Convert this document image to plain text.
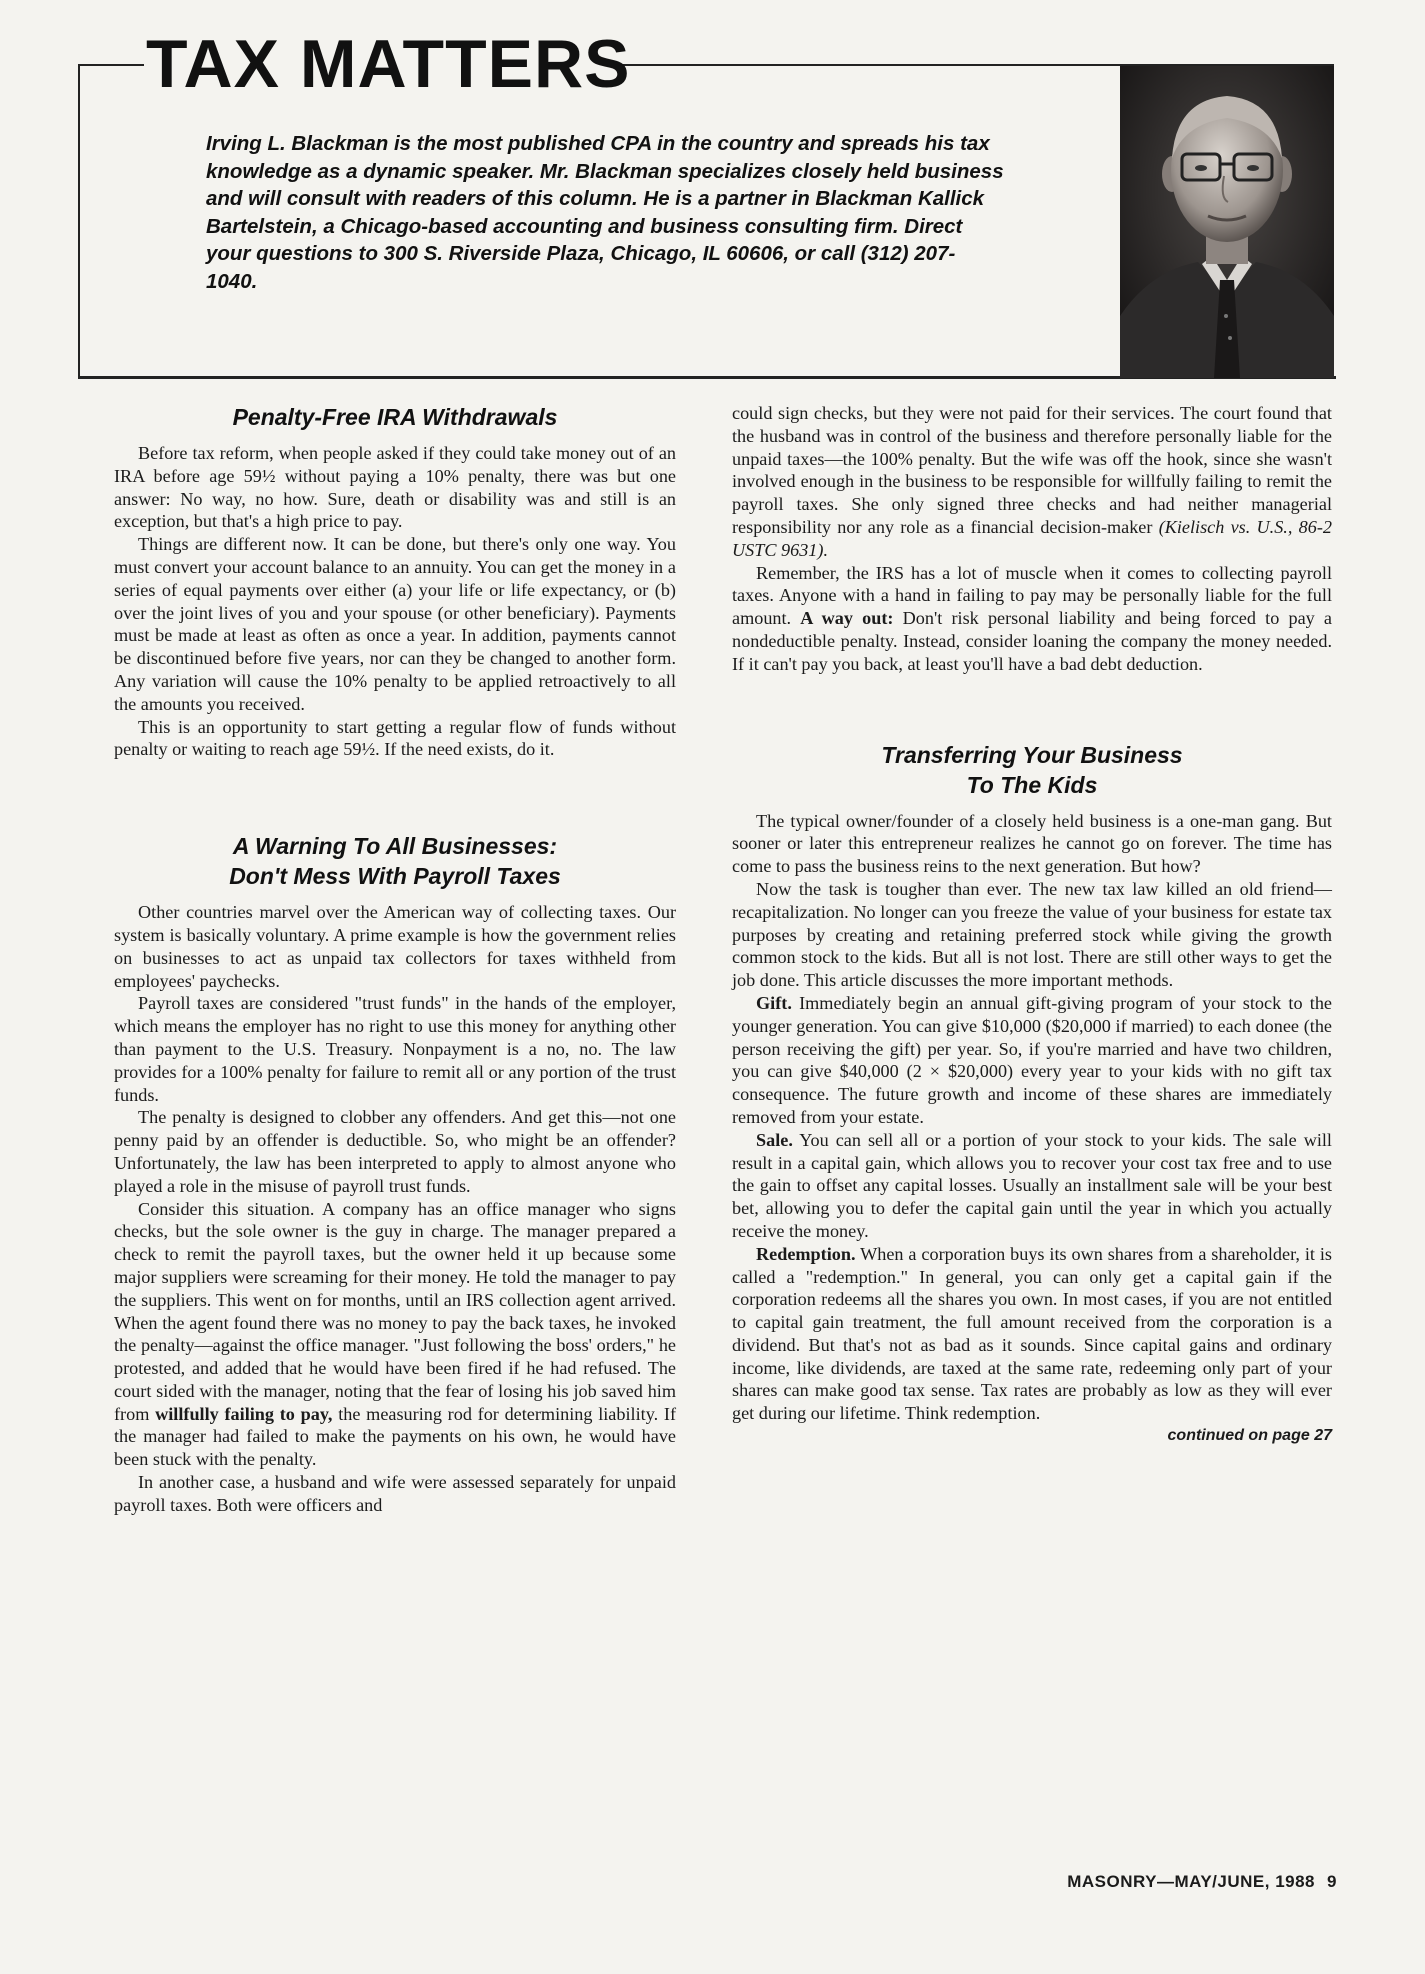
TAX MATTERS

Irving L. Blackman is the most published CPA in the country and spreads his tax knowledge as a dynamic speaker. Mr. Blackman specializes closely held business and will consult with readers of this column. He is a partner in Blackman Kallick Bartelstein, a Chicago-based accounting and business consulting firm. Direct your questions to 300 S. Riverside Plaza, Chicago, IL 60606, or call (312) 207-1040.

Penalty-Free IRA Withdrawals

Before tax reform, when people asked if they could take money out of an IRA before age 59½ without paying a 10% penalty, there was but one answer: No way, no how. Sure, death or disability was and still is an exception, but that's a high price to pay.

Things are different now. It can be done, but there's only one way. You must convert your account balance to an annuity. You can get the money in a series of equal payments over either (a) your life or life expectancy, or (b) over the joint lives of you and your spouse (or other beneficiary). Payments must be made at least as often as once a year. In addition, payments cannot be discontinued before five years, nor can they be changed to another form. Any variation will cause the 10% penalty to be applied retroactively to all the amounts you received.

This is an opportunity to start getting a regular flow of funds without penalty or waiting to reach age 59½. If the need exists, do it.

A Warning To All Businesses:
Don't Mess With Payroll Taxes

Other countries marvel over the American way of collecting taxes. Our system is basically voluntary. A prime example is how the government relies on businesses to act as unpaid tax collectors for taxes withheld from employees' paychecks.

Payroll taxes are considered "trust funds" in the hands of the employer, which means the employer has no right to use this money for anything other than payment to the U.S. Treasury. Nonpayment is a no, no. The law provides for a 100% penalty for failure to remit all or any portion of the trust funds.

The penalty is designed to clobber any offenders. And get this—not one penny paid by an offender is deductible. So, who might be an offender? Unfortunately, the law has been interpreted to apply to almost anyone who played a role in the misuse of payroll trust funds.

Consider this situation. A company has an office manager who signs checks, but the sole owner is the guy in charge. The manager prepared a check to remit the payroll taxes, but the owner held it up because some major suppliers were screaming for their money. He told the manager to pay the suppliers. This went on for months, until an IRS collection agent arrived. When the agent found there was no money to pay the back taxes, he invoked the penalty—against the office manager. "Just following the boss' orders," he protested, and added that he would have been fired if he had refused. The court sided with the manager, noting that the fear of losing his job saved him from willfully failing to pay, the measuring rod for determining liability. If the manager had failed to make the payments on his own, he would have been stuck with the penalty.

In another case, a husband and wife were assessed separately for unpaid payroll taxes. Both were officers and

could sign checks, but they were not paid for their services. The court found that the husband was in control of the business and therefore personally liable for the unpaid taxes—the 100% penalty. But the wife was off the hook, since she wasn't involved enough in the business to be responsible for willfully failing to remit the payroll taxes. She only signed three checks and had neither managerial responsibility nor any role as a financial decision-maker (Kielisch vs. U.S., 86-2 USTC 9631).

Remember, the IRS has a lot of muscle when it comes to collecting payroll taxes. Anyone with a hand in failing to pay may be personally liable for the full amount. A way out: Don't risk personal liability and being forced to pay a nondeductible penalty. Instead, consider loaning the company the money needed. If it can't pay you back, at least you'll have a bad debt deduction.

Transferring Your Business
To The Kids

The typical owner/founder of a closely held business is a one-man gang. But sooner or later this entrepreneur realizes he cannot go on forever. The time has come to pass the business reins to the next generation. But how?

Now the task is tougher than ever. The new tax law killed an old friend—recapitalization. No longer can you freeze the value of your business for estate tax purposes by creating and retaining preferred stock while giving the growth common stock to the kids. But all is not lost. There are still other ways to get the job done. This article discusses the more important methods.

Gift. Immediately begin an annual gift-giving program of your stock to the younger generation. You can give $10,000 ($20,000 if married) to each donee (the person receiving the gift) per year. So, if you're married and have two children, you can give $40,000 (2 × $20,000) every year to your kids with no gift tax consequence. The future growth and income of these shares are immediately removed from your estate.

Sale. You can sell all or a portion of your stock to your kids. The sale will result in a capital gain, which allows you to recover your cost tax free and to use the gain to offset any capital losses. Usually an installment sale will be your best bet, allowing you to defer the capital gain until the year in which you actually receive the money.

Redemption. When a corporation buys its own shares from a shareholder, it is called a "redemption." In general, you can only get a capital gain if the corporation redeems all the shares you own. In most cases, if you are not entitled to capital gain treatment, the full amount received from the corporation is a dividend. But that's not as bad as it sounds. Since capital gains and ordinary income, like dividends, are taxed at the same rate, redeeming only part of your shares can make good tax sense. Tax rates are probably as low as they will ever get during our lifetime. Think redemption.

continued on page 27

MASONRY—MAY/JUNE, 1988 9
